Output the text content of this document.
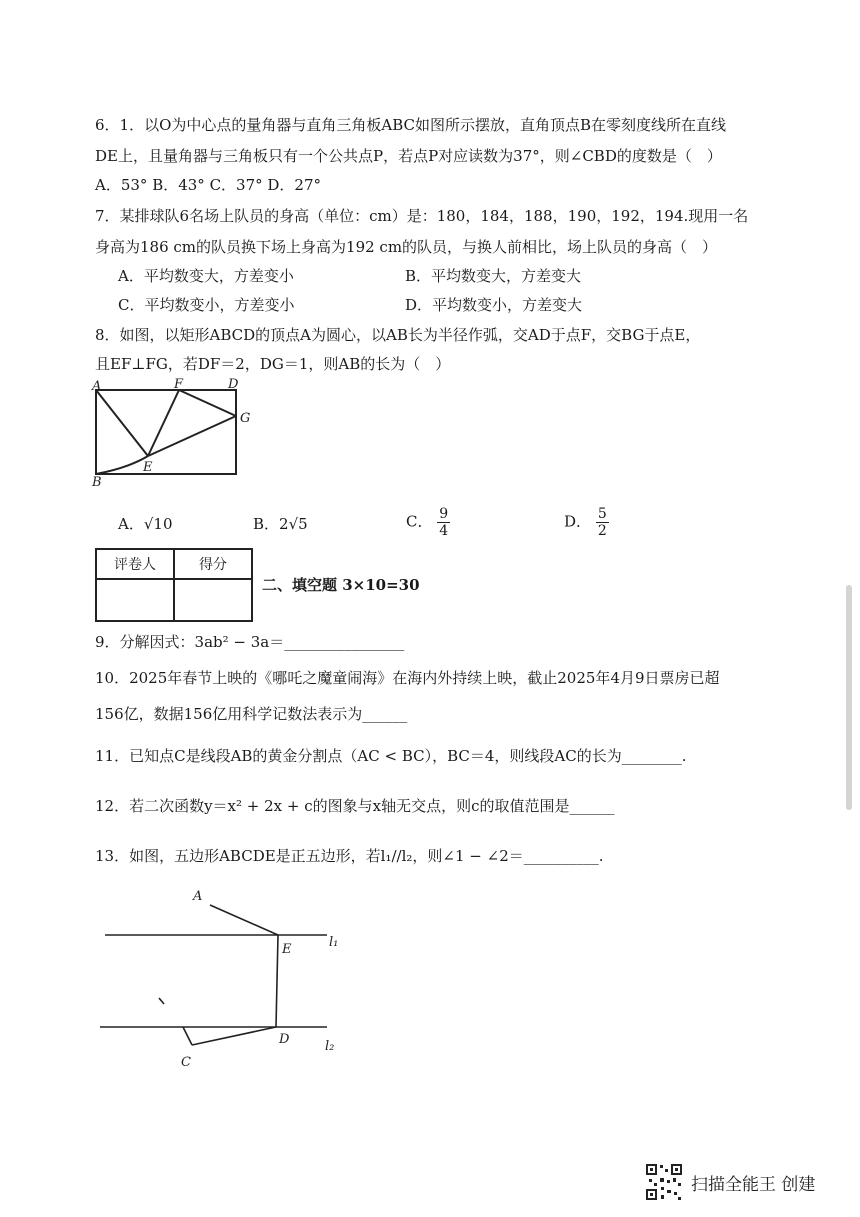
6．1．以O为中心点的量角器与直角三角板ABC如图所示摆放，直角顶点B在零刻度线所在直线
DE上，且量角器与三角板只有一个公共点P，若点P对应读数为37°，则∠CBD的度数是（　）
A．53° B．43° C．37° D．27°
7．某排球队6名场上队员的身高（单位：cm）是：180，184，188，190，192，194.现用一名
身高为186 cm的队员换下场上身高为192 cm的队员，与换人前相比，场上队员的身高（　）
A．平均数变大，方差变小	B．平均数变大，方差变大
C．平均数变小，方差变小	D．平均数变小，方差变大
8．如图，以矩形ABCD的顶点A为圆心，以AB长为半径作弧，交AD于点F，交BG于点E，
且EF⊥FG，若DF＝2，DG＝1，则AB的长为（　）
A	F	D
G
E
B
A．√10	B．2√5	C． $\frac{9}{4}$	D． $\frac{5}{2}$
评卷人	得分

二、填空题 3×10=30
9．分解因式：3ab² − 3a＝________________
10．2025年春节上映的《哪吒之魔童闹海》在海内外持续上映，截止2025年4月9日票房已超
156亿，数据156亿用科学记数法表示为______
11．已知点C是线段AB的黄金分割点（AC < BC），BC＝4，则线段AC的长为________.
12．若二次函数y＝x² + 2x + c的图象与x轴无交点，则c的取值范围是______
13．如图，五边形ABCDE是正五边形，若l₁//l₂，则∠1 − ∠2＝__________.
A
E	l₁
D	l₂
C
扫描全能王 创建
